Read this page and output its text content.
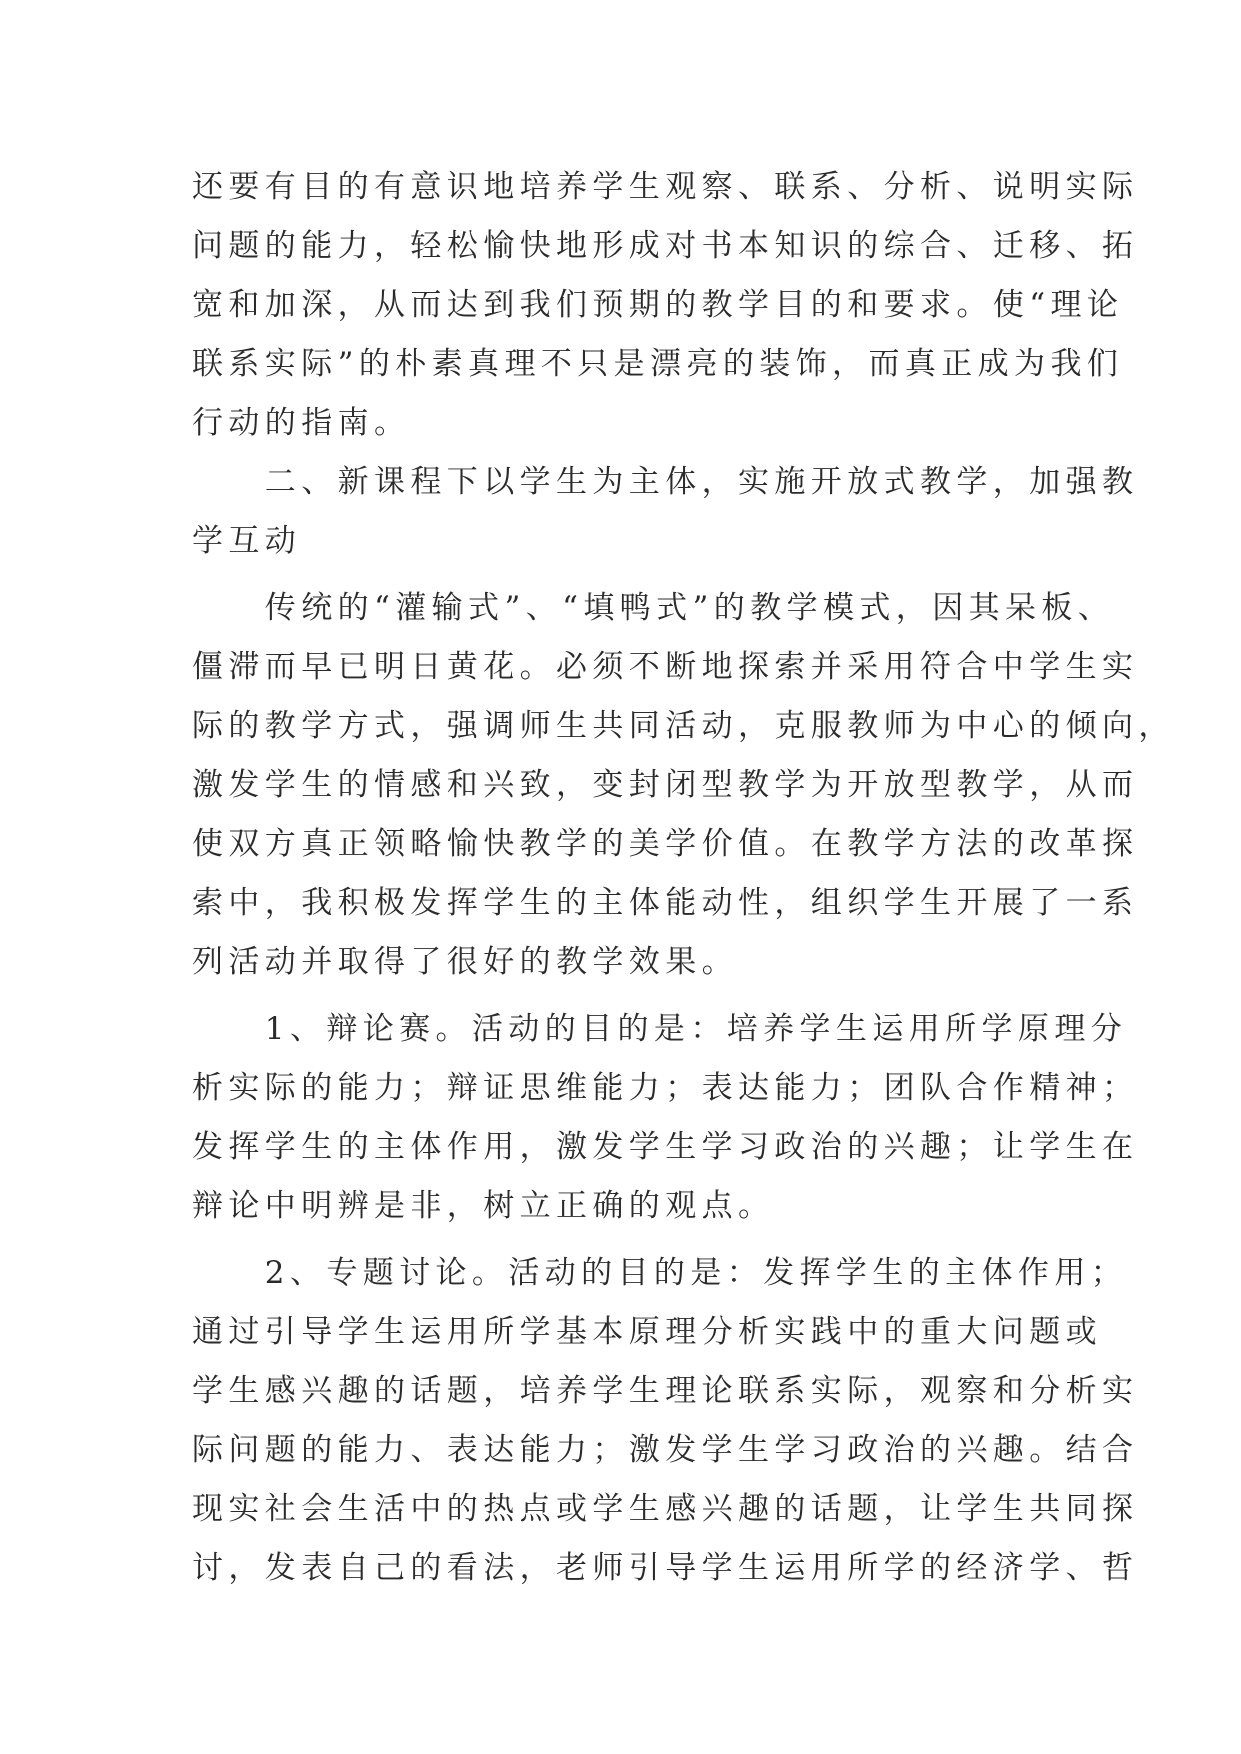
还要有目的有意识地培养学生观察、联系、分析、说明实际
问题的能力，轻松愉快地形成对书本知识的综合、迁移、拓
宽和加深，从而达到我们预期的教学目的和要求。使“理论
联系实际”的朴素真理不只是漂亮的装饰，而真正成为我们
行动的指南。
　　二、新课程下以学生为主体，实施开放式教学，加强教
学互动
　　传统的“灌输式”、“填鸭式”的教学模式，因其呆板、
僵滞而早已明日黄花。必须不断地探索并采用符合中学生实
际的教学方式，强调师生共同活动，克服教师为中心的倾向，
激发学生的情感和兴致，变封闭型教学为开放型教学，从而
使双方真正领略愉快教学的美学价值。在教学方法的改革探
索中，我积极发挥学生的主体能动性，组织学生开展了一系
列活动并取得了很好的教学效果。
　　1、辩论赛。活动的目的是：培养学生运用所学原理分
析实际的能力；辩证思维能力；表达能力；团队合作精神；
发挥学生的主体作用，激发学生学习政治的兴趣；让学生在
辩论中明辨是非，树立正确的观点。
　　2、专题讨论。活动的目的是：发挥学生的主体作用；
通过引导学生运用所学基本原理分析实践中的重大问题或
学生感兴趣的话题，培养学生理论联系实际，观察和分析实
际问题的能力、表达能力；激发学生学习政治的兴趣。结合
现实社会生活中的热点或学生感兴趣的话题，让学生共同探
讨，发表自己的看法，老师引导学生运用所学的经济学、哲
